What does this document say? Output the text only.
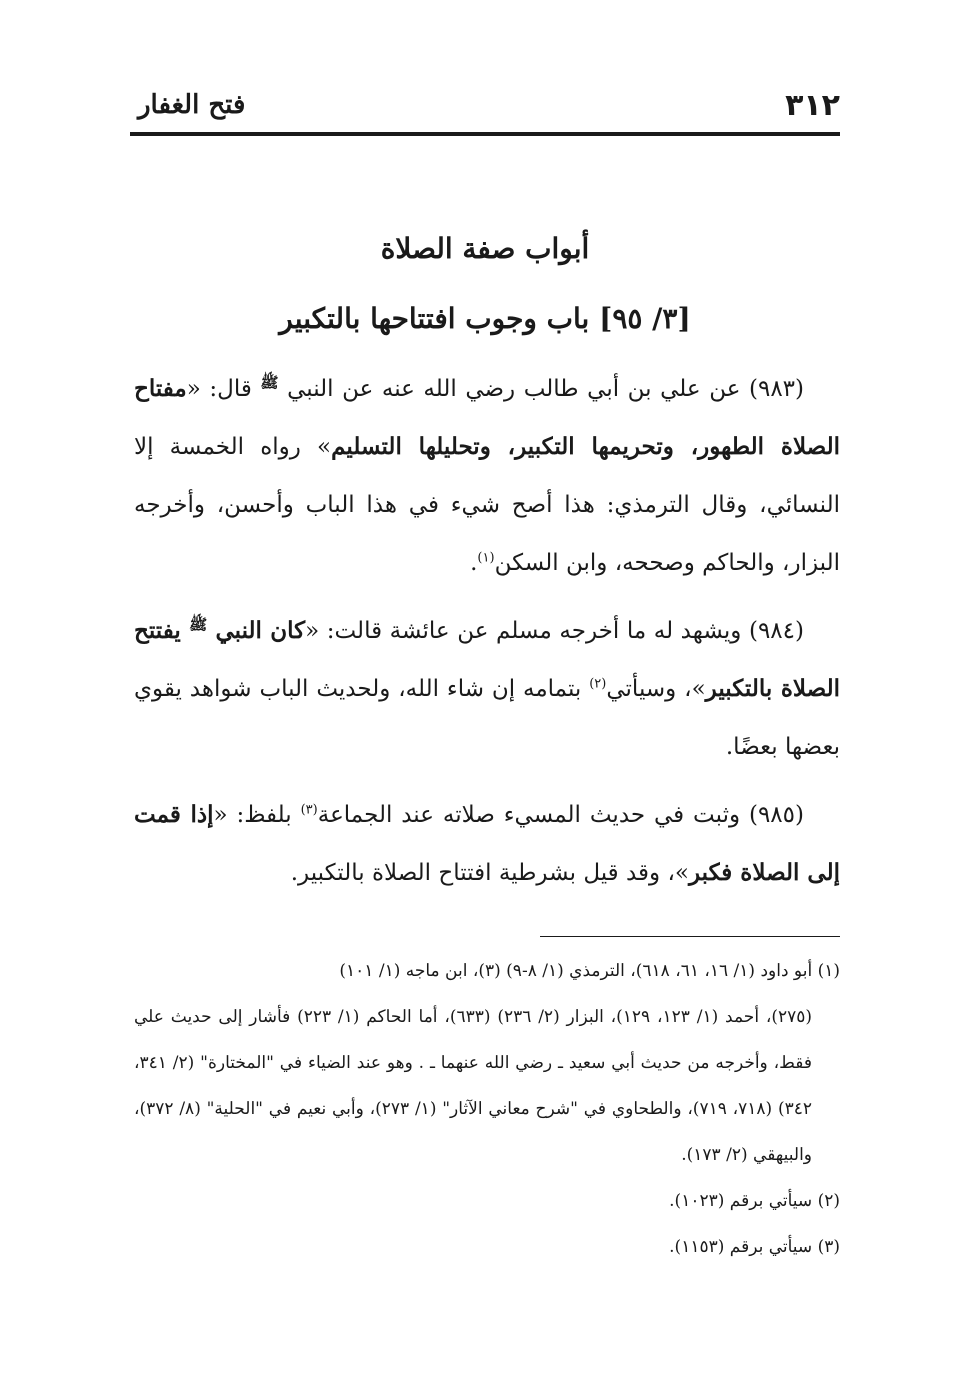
٣١٢
فتح الغفار
أبواب صفة الصلاة
[٣/ ٩٥] باب وجوب افتتاحها بالتكبير

(٩٨٣) عن علي بن أبي طالب رضي الله عنه عن النبي $^ﷺ$ قال: «مفتاح الصلاة الطهور، وتحريمها التكبير، وتحليلها التسليم» رواه الخمسة إلا النسائي، وقال الترمذي: هذا أصح شيء في هذا الباب وأحسن، وأخرجه البزار، والحاكم وصححه، وابن السكن$^{(١)}$.

(٩٨٤) ويشهد له ما أخرجه مسلم عن عائشة قالت: «كان النبي $^ﷺ$ يفتتح الصلاة بالتكبير»، وسيأتي$^{(٢)}$ بتمامه إن شاء الله، ولحديث الباب شواهد يقوي بعضها بعضًا.

(٩٨٥) وثبت في حديث المسيء صلاته عند الجماعة$^{(٣)}$ بلفظ: «إذا قمت إلى الصلاة فكبر»، وقد قيل بشرطية افتتاح الصلاة بالتكبير.

(١) أبو داود (١/ ١٦، ٦١، ٦١٨)، الترمذي (١/ ٨-٩) (٣)، ابن ماجه (١/ ١٠١)
(٢٧٥)، أحمد (١/ ١٢٣، ١٢٩)، البزار (٢/ ٢٣٦) (٦٣٣)، أما الحاكم (١/ ٢٢٣) فأشار إلى حديث علي فقط، وأخرجه من حديث أبي سعيد ـ رضي الله عنهما ـ . وهو عند الضياء في "المختارة" (٢/ ٣٤١، ٣٤٢) (٧١٨، ٧١٩)، والطحاوي في "شرح معاني الآثار" (١/ ٢٧٣)، وأبي نعيم في "الحلية" (٨/ ٣٧٢)، والبيهقي (٢/ ١٧٣).

(٢) سيأتي برقم (١٠٢٣).

(٣) سيأتي برقم (١١٥٣).
